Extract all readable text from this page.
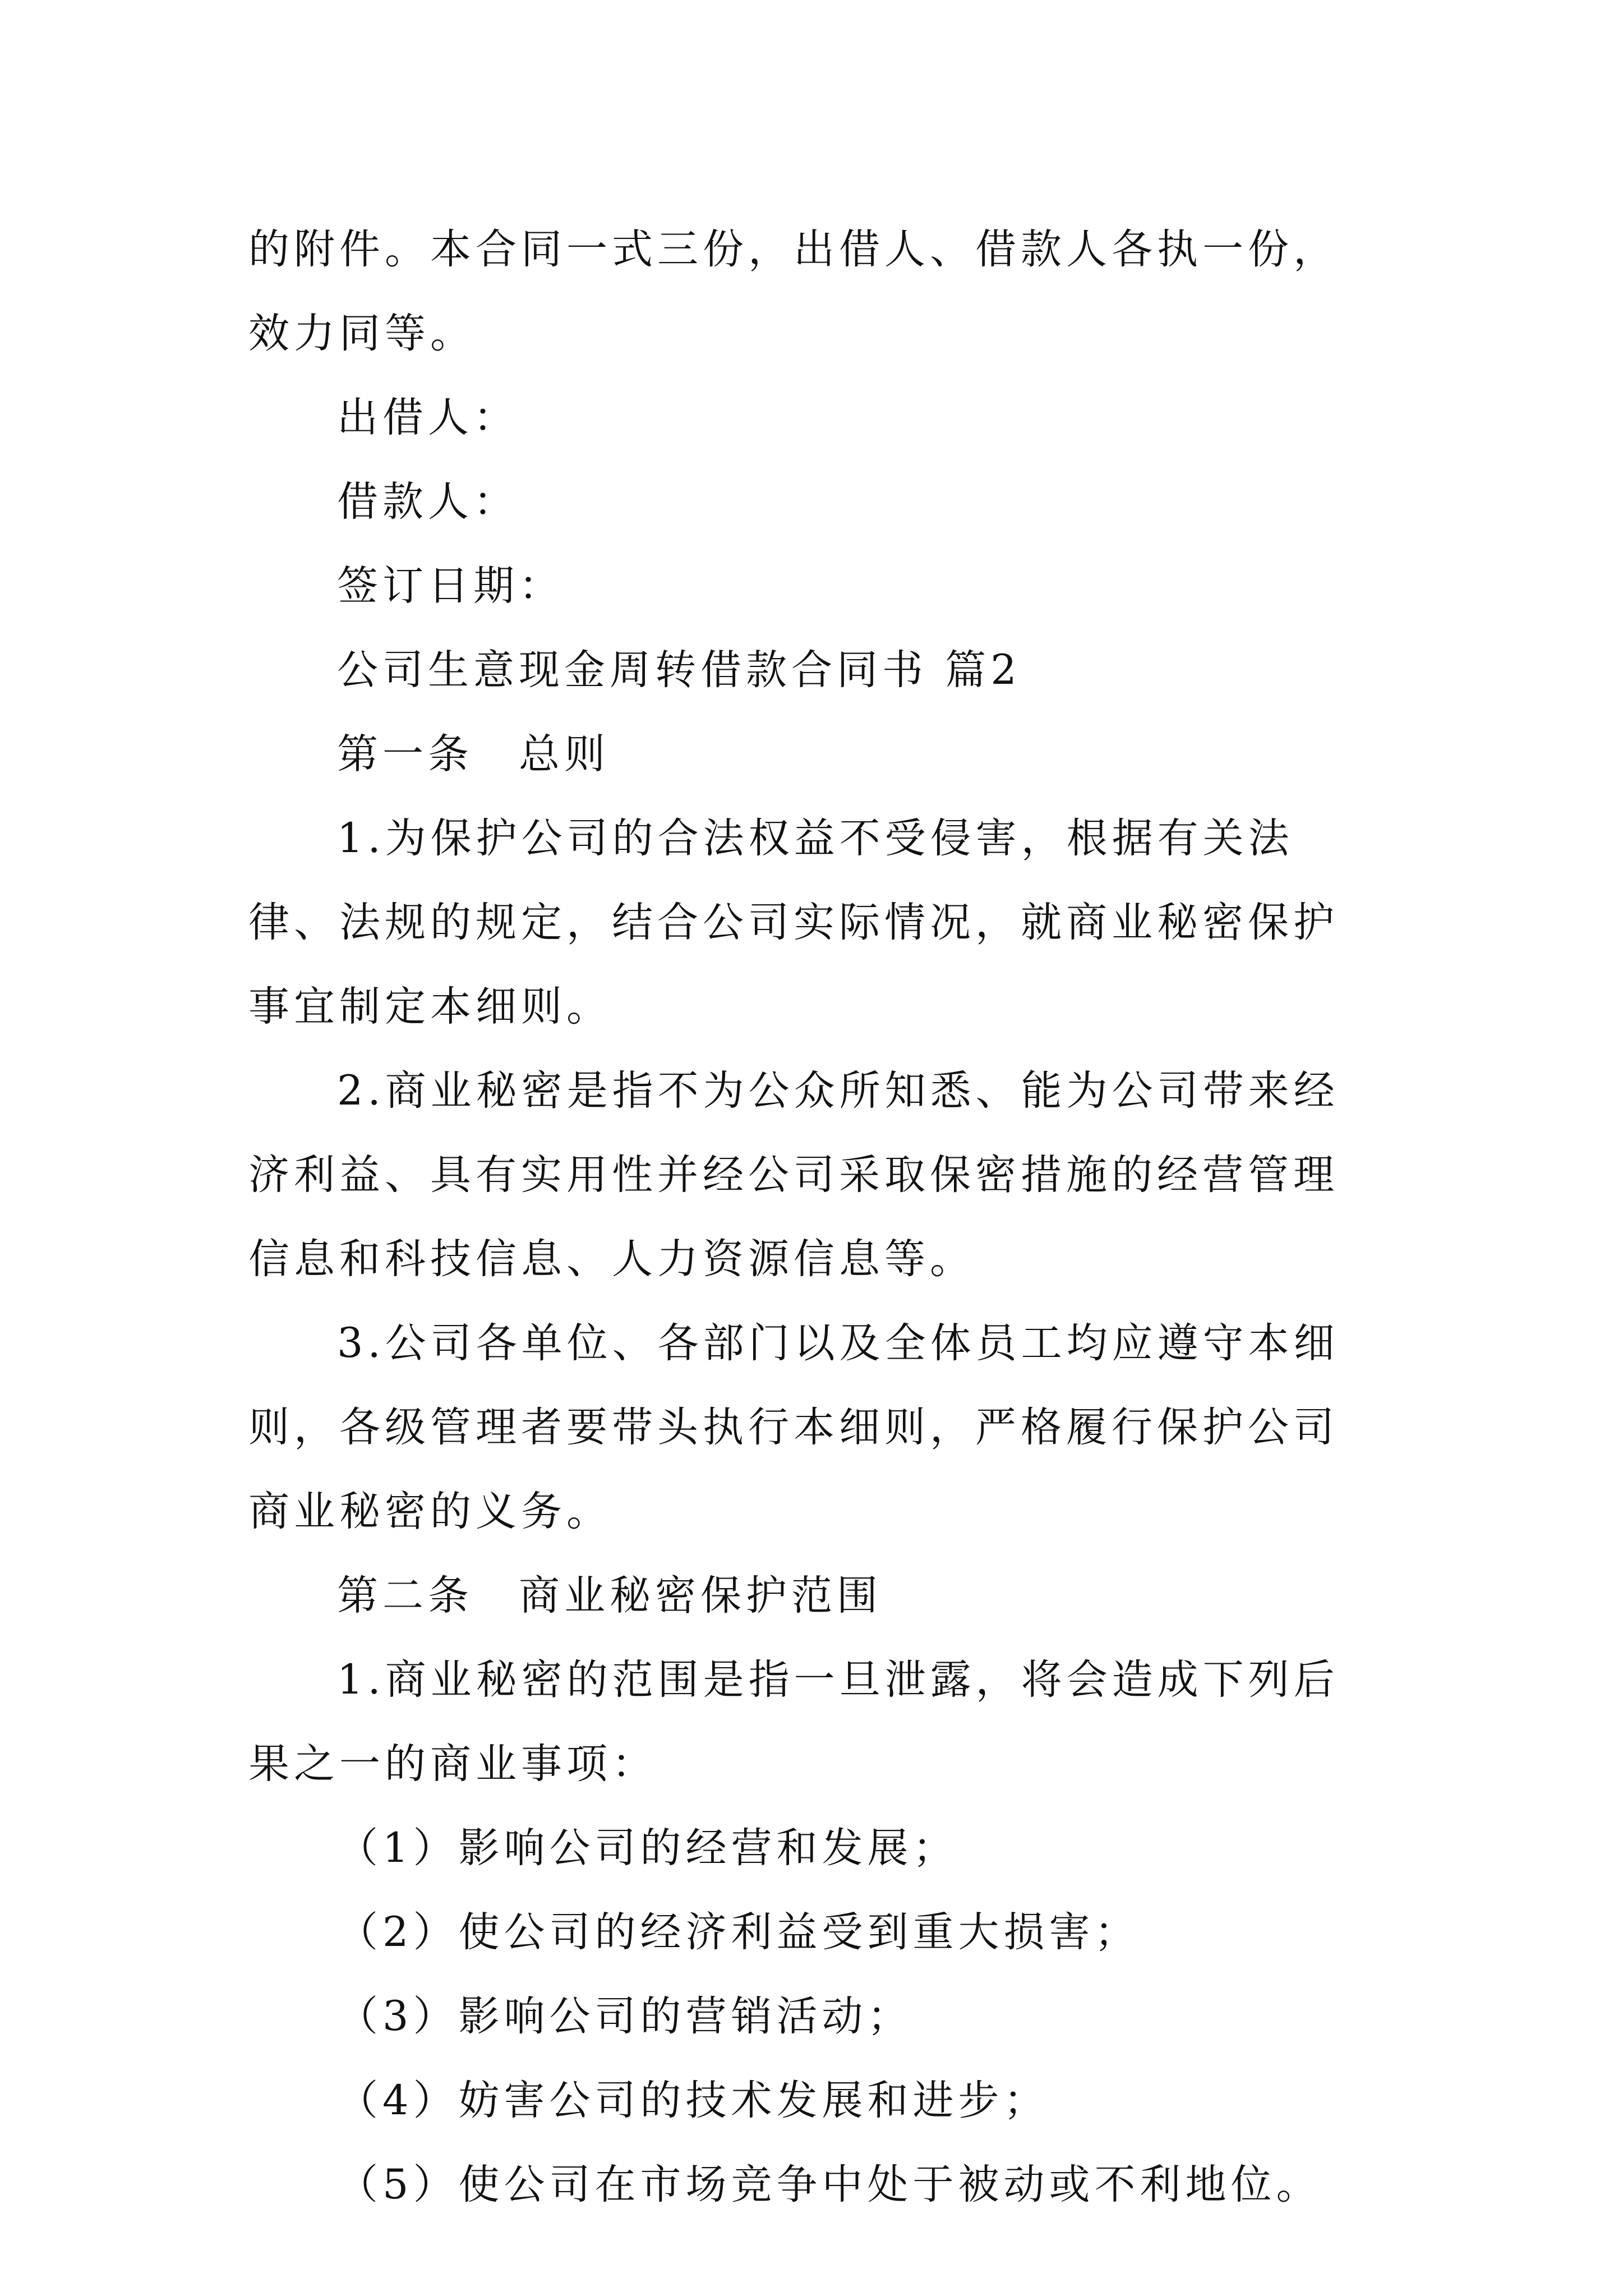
的附件。本合同一式三份，出借人、借款人各执一份，效力同等。

出借人：

借款人：

签订日期：

公司生意现金周转借款合同书 篇2

第一条　总则

1.为保护公司的合法权益不受侵害，根据有关法律、法规的规定，结合公司实际情况，就商业秘密保护事宜制定本细则。

2.商业秘密是指不为公众所知悉、能为公司带来经济利益、具有实用性并经公司采取保密措施的经营管理信息和科技信息、人力资源信息等。

3.公司各单位、各部门以及全体员工均应遵守本细则，各级管理者要带头执行本细则，严格履行保护公司商业秘密的义务。

第二条　商业秘密保护范围

1.商业秘密的范围是指一旦泄露，将会造成下列后果之一的商业事项：

（1）影响公司的经营和发展；

（2）使公司的经济利益受到重大损害；

（3）影响公司的营销活动；

（4）妨害公司的技术发展和进步；

（5）使公司在市场竞争中处于被动或不利地位。
